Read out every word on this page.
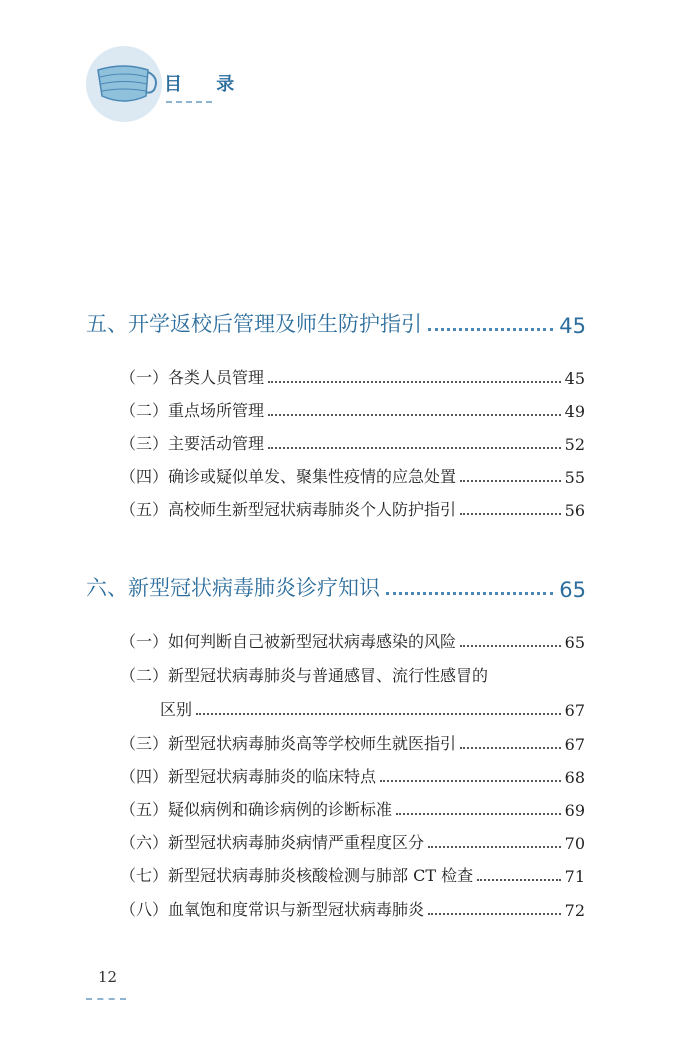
目 录
五、开学返校后管理及师生防护指引	45
（一）各类人员管理	45
（二）重点场所管理	49
（三）主要活动管理	52
（四）确诊或疑似单发、聚集性疫情的应急处置	55
（五）高校师生新型冠状病毒肺炎个人防护指引	56
六、新型冠状病毒肺炎诊疗知识	65
（一）如何判断自己被新型冠状病毒感染的风险	65
（二）新型冠状病毒肺炎与普通感冒、流行性感冒的
区别	67
（三）新型冠状病毒肺炎高等学校师生就医指引	67
（四）新型冠状病毒肺炎的临床特点	68
（五）疑似病例和确诊病例的诊断标准	69
（六）新型冠状病毒肺炎病情严重程度区分	70
（七）新型冠状病毒肺炎核酸检测与肺部 CT 检查	71
（八）血氧饱和度常识与新型冠状病毒肺炎	72
12
